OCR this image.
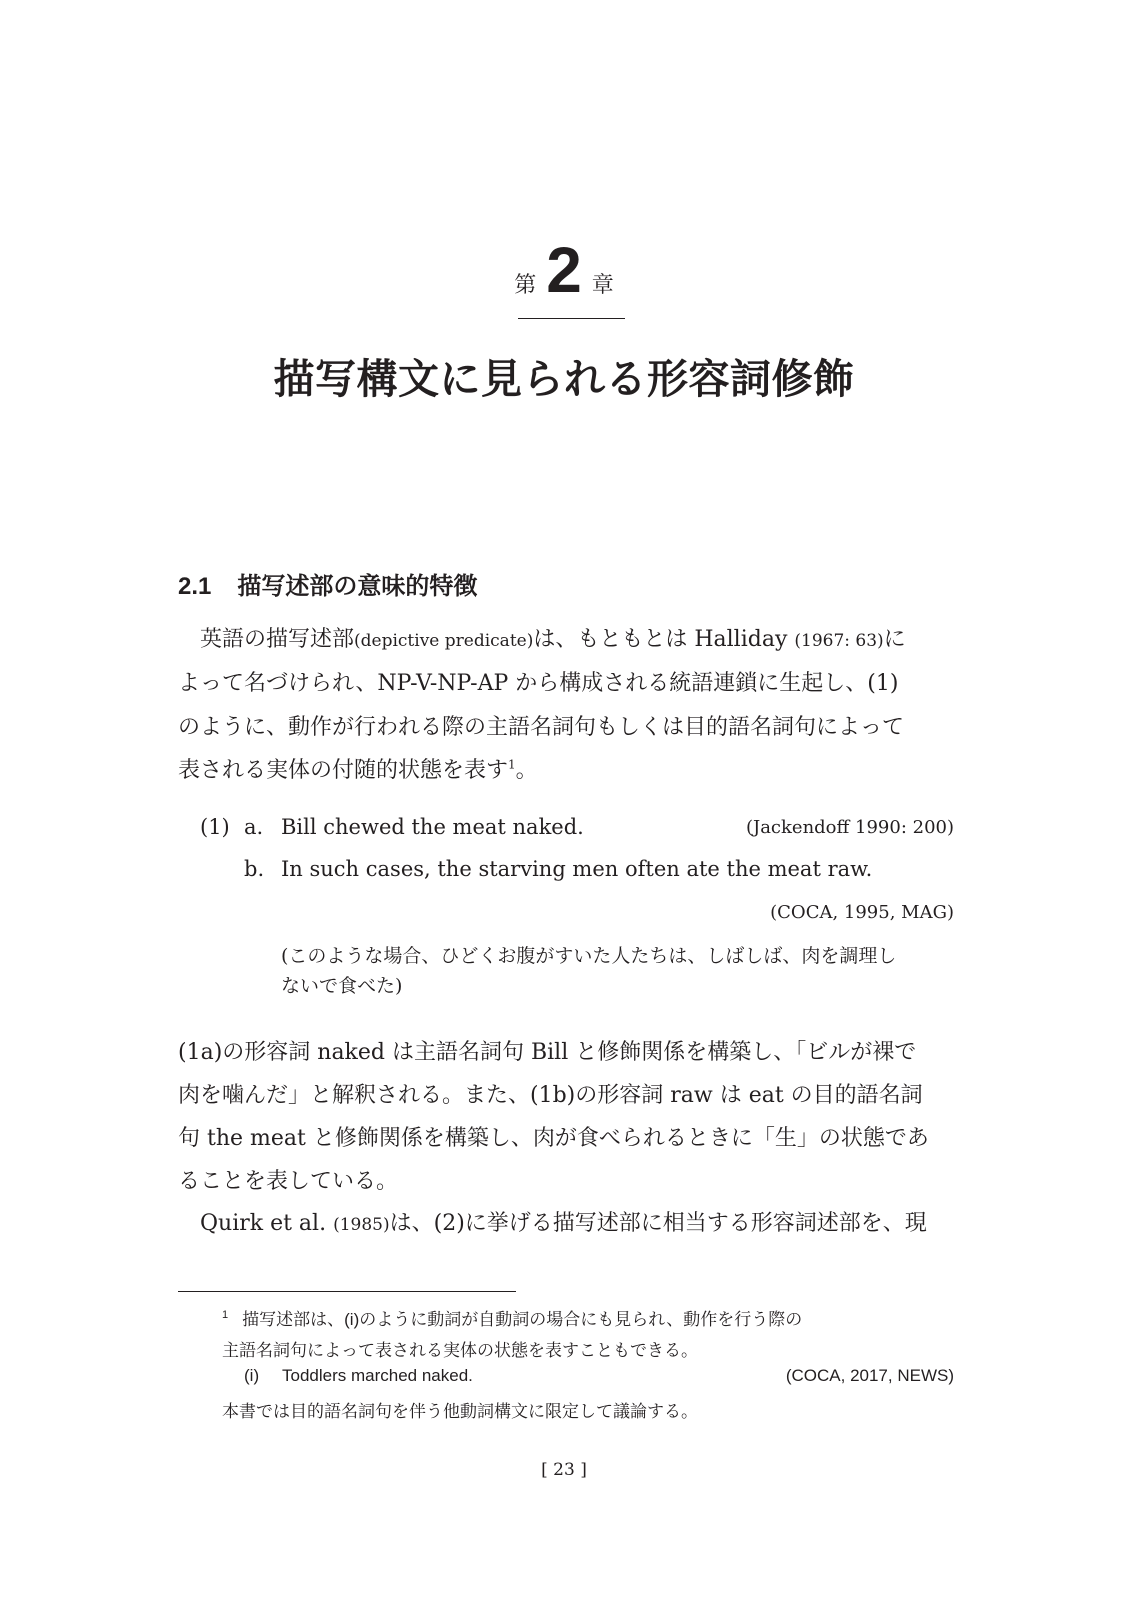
第 2 章
描写構文に見られる形容詞修飾
2.1 描写述部の意味的特徴
英語の描写述部(depictive predicate)は、もともとは Halliday (1967: 63)に
よって名づけられ、NP-V-NP-AP から構成される統語連鎖に生起し、(1)
のように、動作が行われる際の主語名詞句もしくは目的語名詞句によって
表される実体の付随的状態を表す$^1$。
(1) a. Bill chewed the meat naked.	(Jackendoff 1990: 200)
b. In such cases, the starving men often ate the meat raw.
(COCA, 1995, MAG)
(このような場合、ひどくお腹がすいた人たちは、しばしば、肉を調理し
ないで食べた)
(1a)の形容詞 naked は主語名詞句 Bill と修飾関係を構築し、「ビルが裸で
肉を噛んだ」と解釈される。また、(1b)の形容詞 raw は eat の目的語名詞
句 the meat と修飾関係を構築し、肉が食べられるときに「生」の状態であ
ることを表している。
Quirk et al. (1985)は、(2)に挙げる描写述部に相当する形容詞述部を、現
$^1$ 描写述部は、(i)のように動詞が自動詞の場合にも見られ、動作を行う際の
主語名詞句によって表される実体の状態を表すこともできる。
(i) Toddlers marched naked.	(COCA, 2017, NEWS)
本書では目的語名詞句を伴う他動詞構文に限定して議論する。
[ 23 ]
